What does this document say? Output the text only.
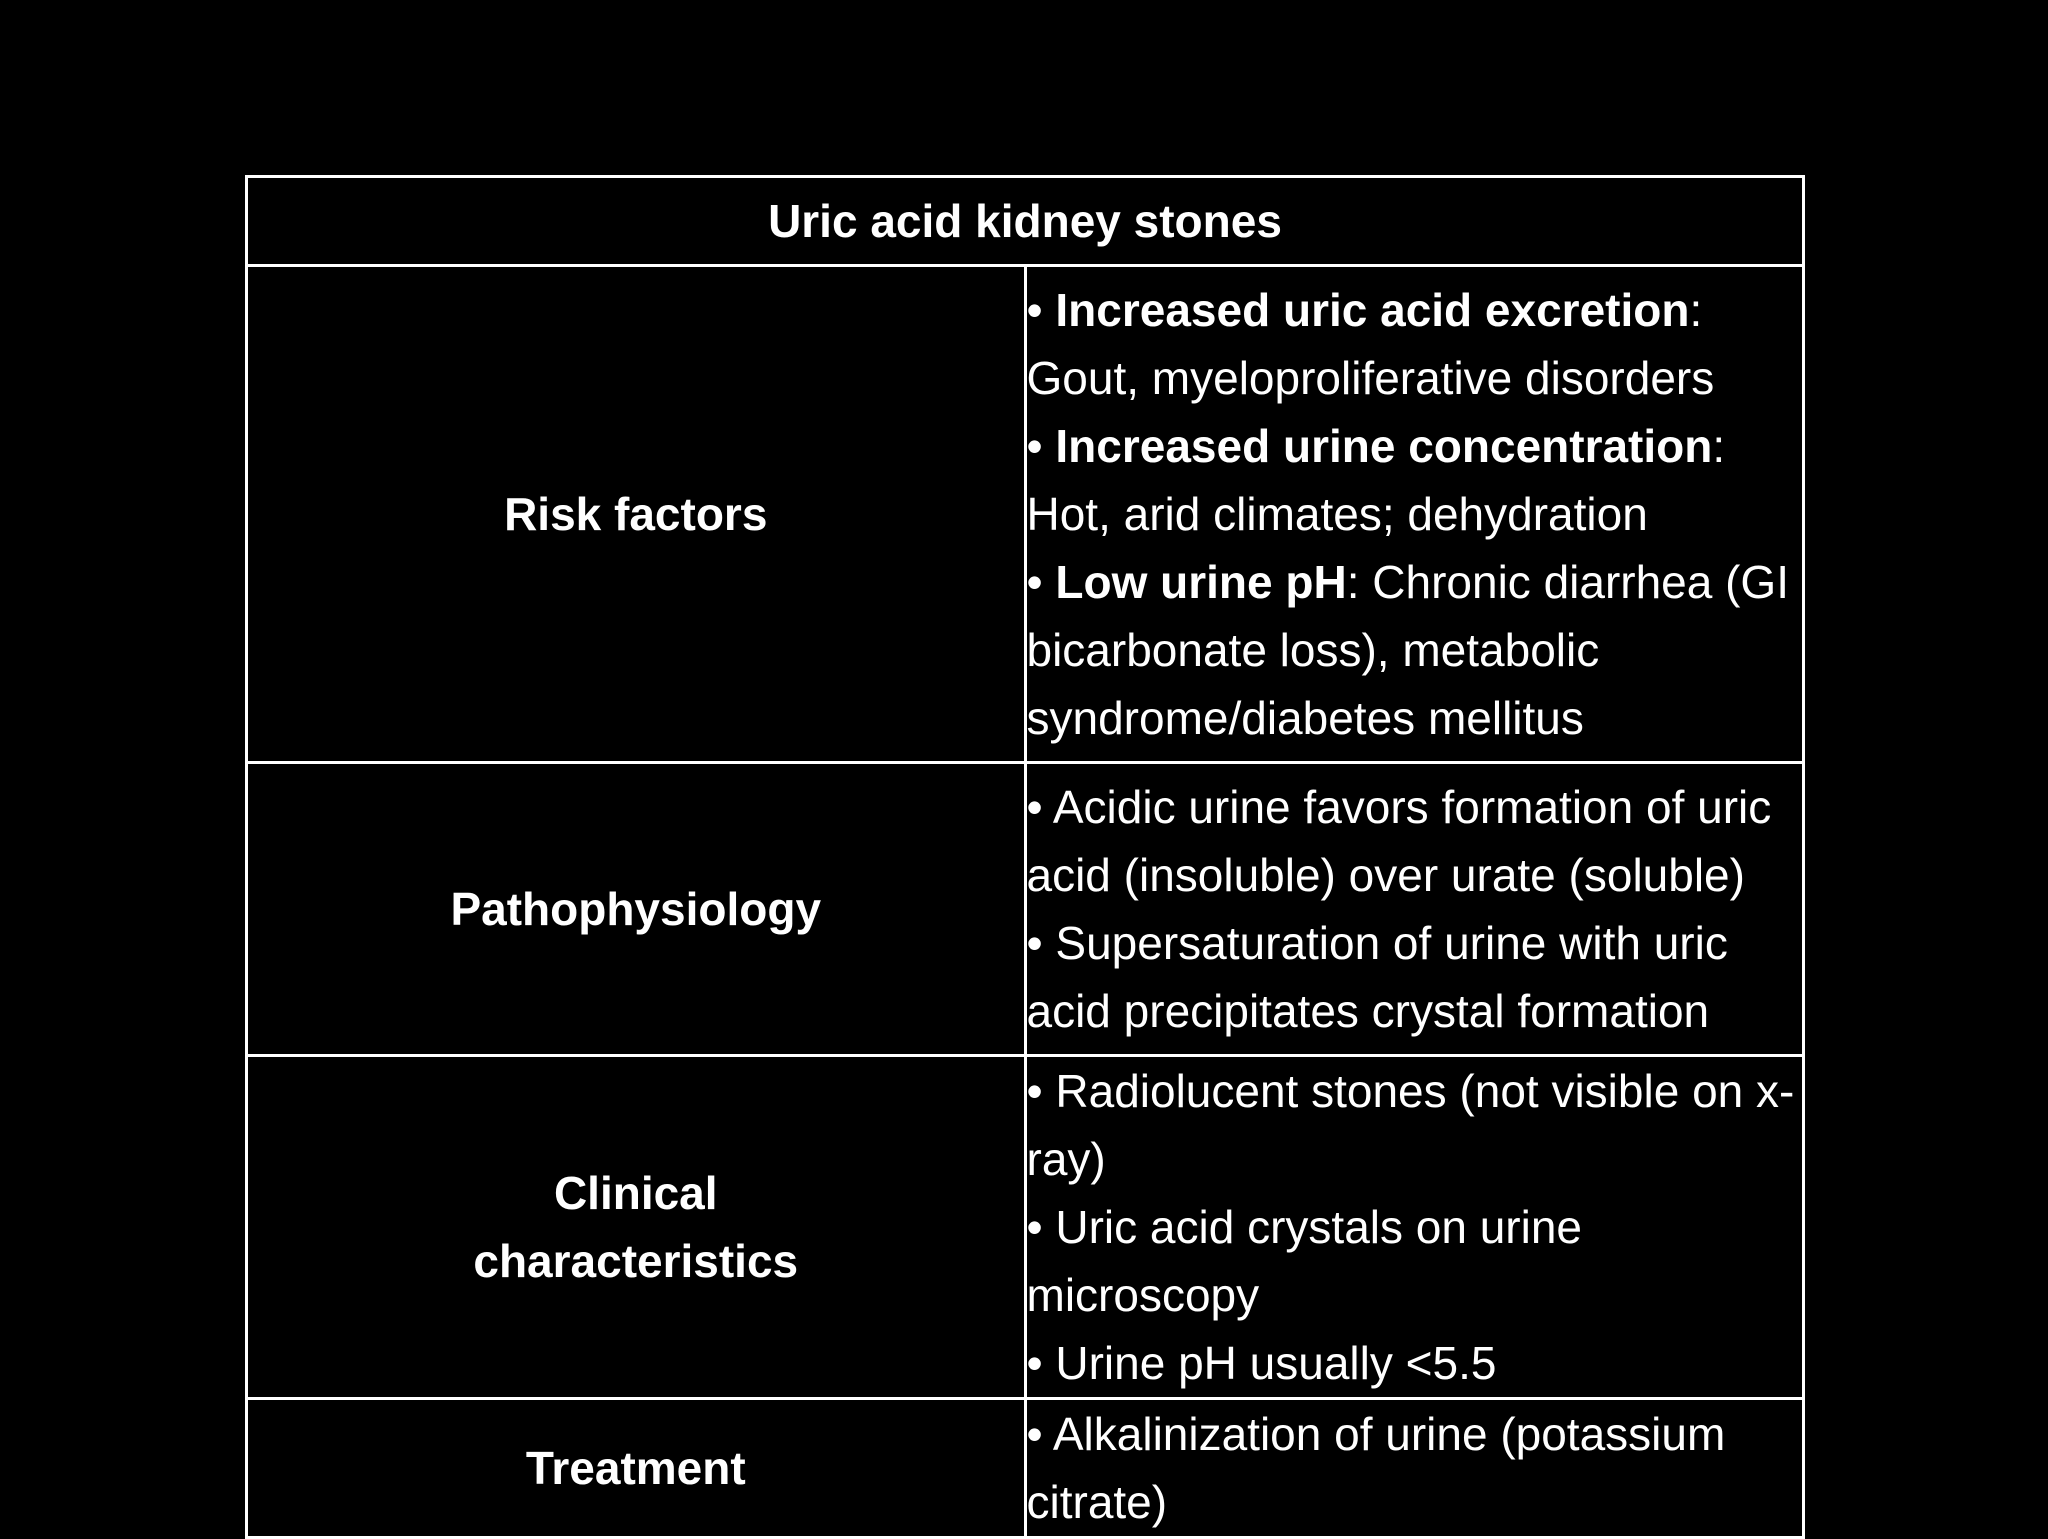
Uric acid kidney stones	
Risk factors	• Increased uric acid excretion: Gout, myeloproliferative disorders
• Increased urine concentration: Hot, arid climates; dehydration
• Low urine pH: Chronic diarrhea (GI bicarbonate loss), metabolic syndrome/diabetes mellitus

Pathophysiology	• Acidic urine favors formation of uric acid (insoluble) over urate (soluble)
• Supersaturation of urine with uric acid precipitates crystal formation

Clinical
characteristics	• Radiolucent stones (not visible on x-ray)
• Uric acid crystals on urine microscopy
• Urine pH usually <5.5

Treatment	• Alkalinization of urine (potassium citrate)
